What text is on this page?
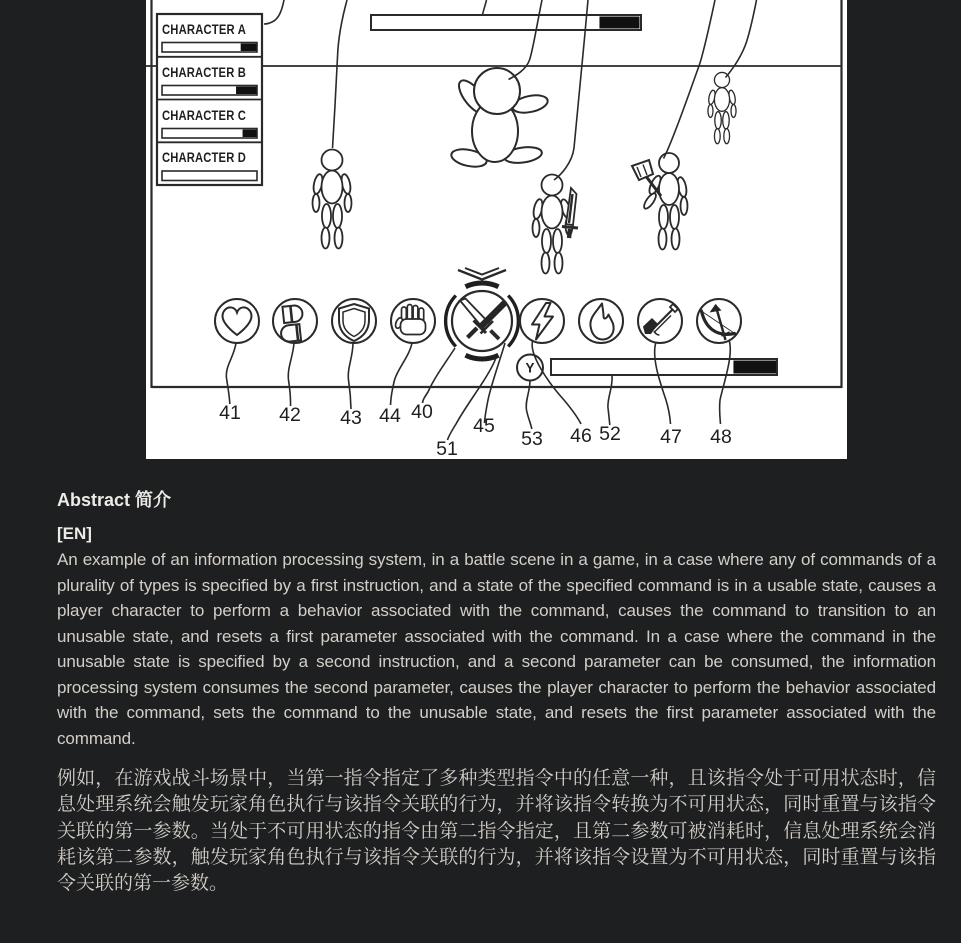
CHARACTER A
CHARACTER B
CHARACTER C
CHARACTER D
Y
41 42 43 44 40
45
51	53 46 52 47 48
Abstract 简介
[EN]

An example of an information processing system, in a battle scene in a game, in a case where any of commands of a plurality of types is specified by a first instruction, and a state of the specified command is in a usable state, causes a player character to perform a behavior associated with the command, causes the command to transition to an unusable state, and resets a first parameter associated with the command. In a case where the command in the unusable state is specified by a second instruction, and a second parameter can be consumed, the information processing system consumes the second parameter, causes the player character to perform the behavior associated with the command, sets the command to the unusable state, and resets the first parameter associated with the command.

例如，在游戏战斗场景中，当第一指令指定了多种类型指令中的任意一种，且该指令处于可用状态时，信息处理系统会触发玩家角色执行与该指令关联的行为，并将该指令转换为不可用状态，同时重置与该指令关联的第一参数。当处于不可用状态的指令由第二指令指定，且第二参数可被消耗时，信息处理系统会消耗该第二参数，触发玩家角色执行与该指令关联的行为，并将该指令设置为不可用状态，同时重置与该指令关联的第一参数。
